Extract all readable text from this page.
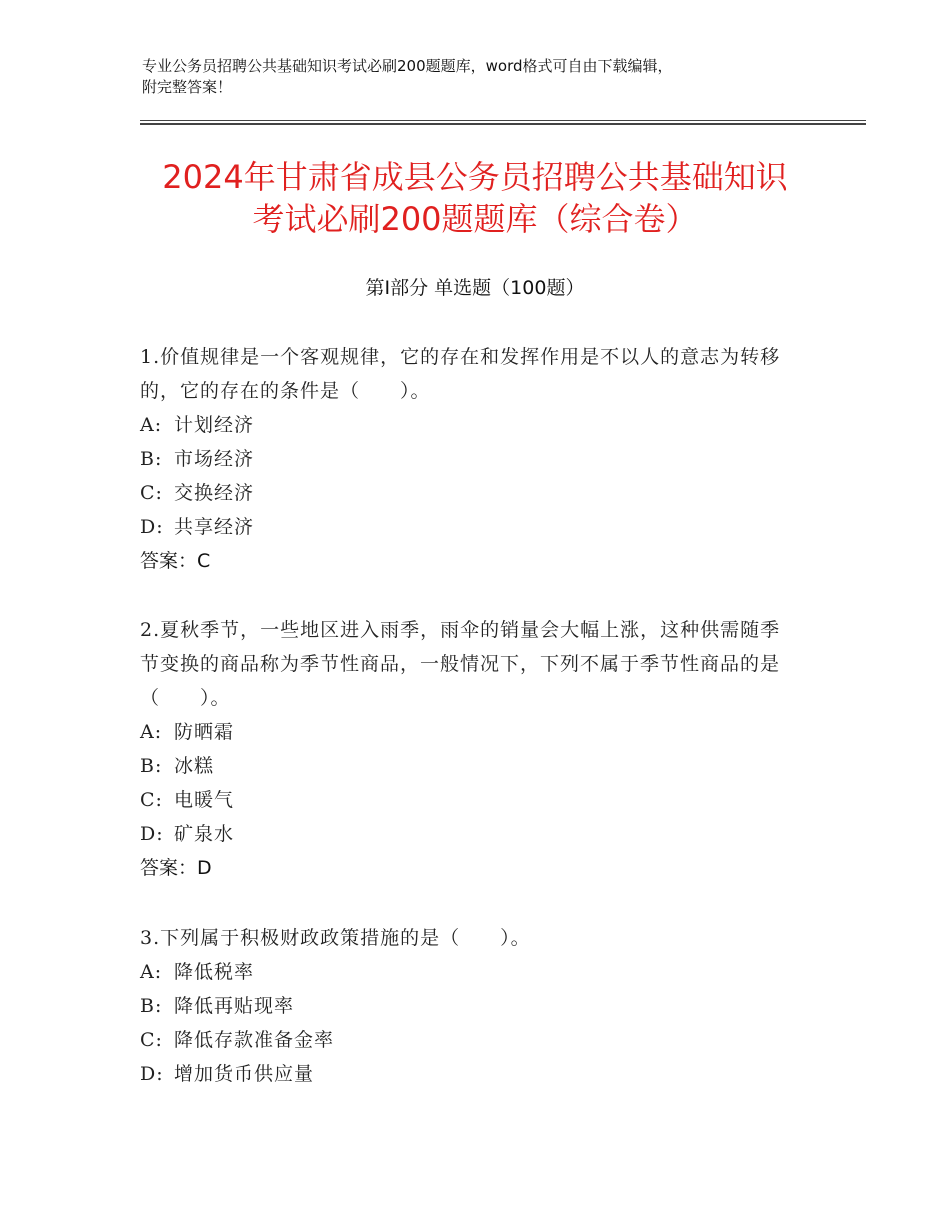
专业公务员招聘公共基础知识考试必刷200题题库，word格式可自由下载编辑，
附完整答案！
2024年甘肃省成县公务员招聘公共基础知识
考试必刷200题题库（综合卷）
第Ⅰ部分 单选题（100题）
1.价值规律是一个客观规律，它的存在和发挥作用是不以人的意志为转移的，它的存在的条件是（　　）。
A: 计划经济
B: 市场经济
C: 交换经济
D: 共享经济
答案：C
2.夏秋季节，一些地区进入雨季，雨伞的销量会大幅上涨，这种供需随季节变换的商品称为季节性商品，一般情况下，下列不属于季节性商品的是（　　）。
A: 防晒霜
B: 冰糕
C: 电暖气
D: 矿泉水
答案：D
3.下列属于积极财政政策措施的是（　　）。
A: 降低税率
B: 降低再贴现率
C: 降低存款准备金率
D: 增加货币供应量
